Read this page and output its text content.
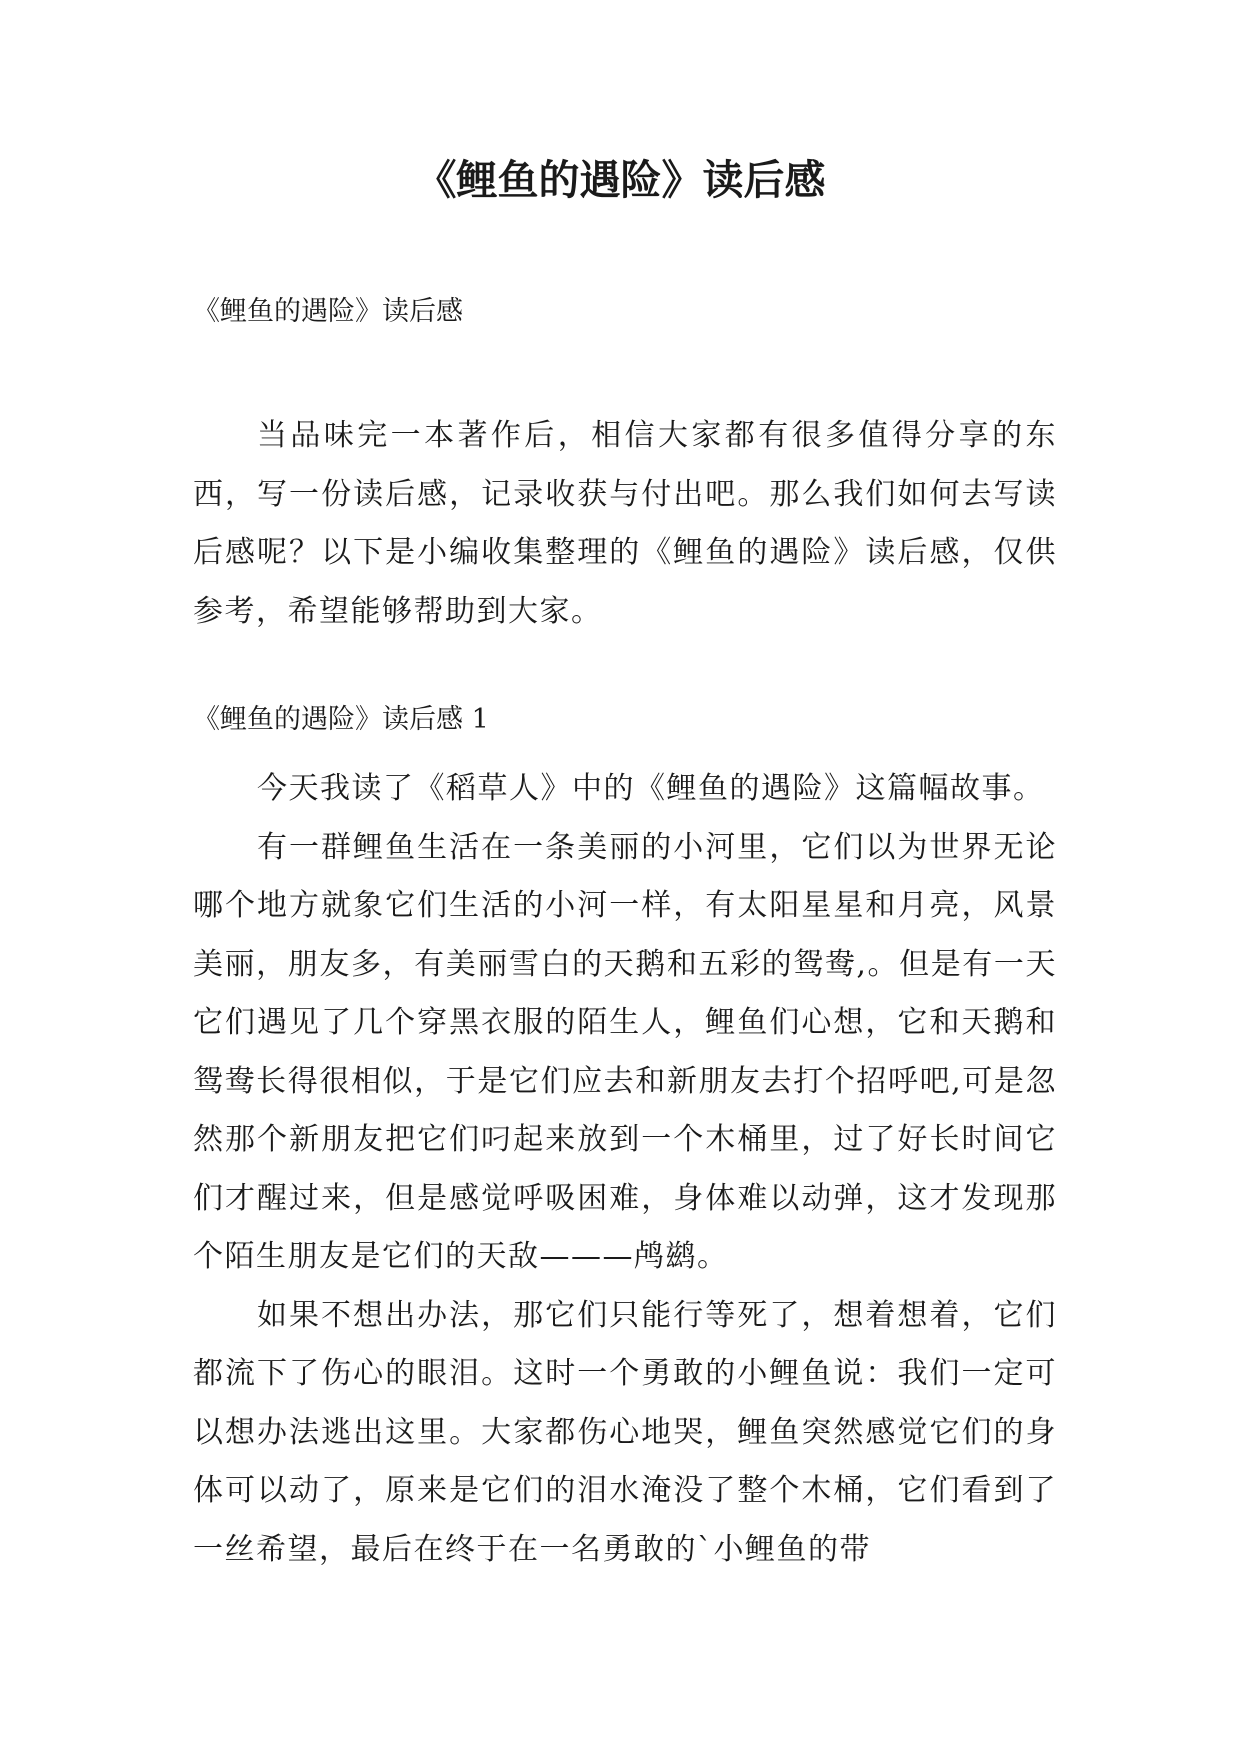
《鲤鱼的遇险》读后感
《鲤鱼的遇险》读后感

当品味完一本著作后，相信大家都有很多值得分享的东西，写一份读后感，记录收获与付出吧。那么我们如何去写读后感呢？以下是小编收集整理的《鲤鱼的遇险》读后感，仅供参考，希望能够帮助到大家。

《鲤鱼的遇险》读后感 1

今天我读了《稻草人》中的《鲤鱼的遇险》这篇幅故事。

有一群鲤鱼生活在一条美丽的小河里，它们以为世界无论哪个地方就象它们生活的小河一样，有太阳星星和月亮，风景美丽，朋友多，有美丽雪白的天鹅和五彩的鸳鸯,。但是有一天它们遇见了几个穿黑衣服的陌生人，鲤鱼们心想，它和天鹅和鸳鸯长得很相似，于是它们应去和新朋友去打个招呼吧,可是忽然那个新朋友把它们叼起来放到一个木桶里，过了好长时间它们才醒过来，但是感觉呼吸困难，身体难以动弹，这才发现那个陌生朋友是它们的天敌———鸬鹚。

如果不想出办法，那它们只能行等死了，想着想着，它们都流下了伤心的眼泪。这时一个勇敢的小鲤鱼说：我们一定可以想办法逃出这里。大家都伤心地哭，鲤鱼突然感觉它们的身体可以动了，原来是它们的泪水淹没了整个木桶，它们看到了一丝希望，最后在终于在一名勇敢的`小鲤鱼的带
